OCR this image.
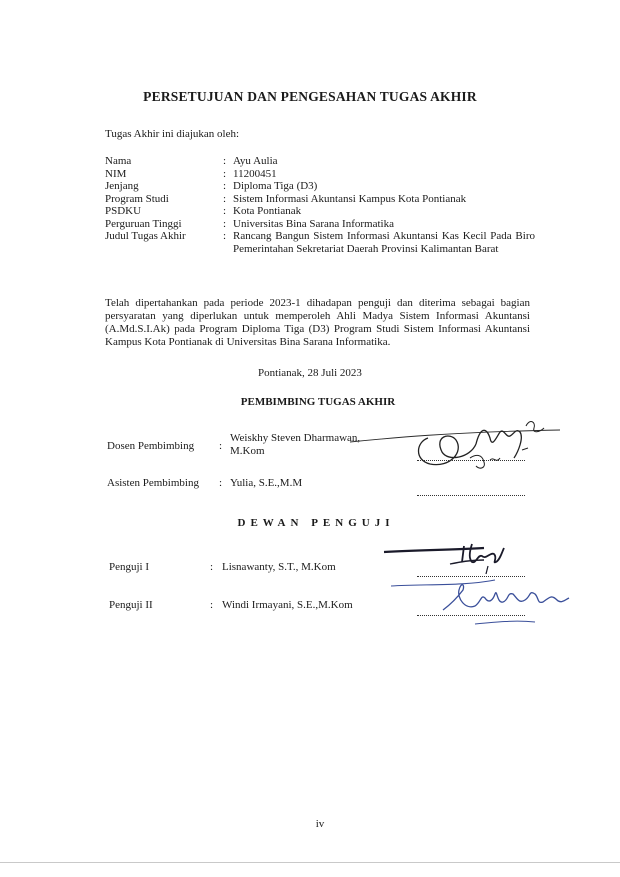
PERSETUJUAN DAN PENGESAHAN TUGAS AKHIR
Tugas Akhir ini diajukan oleh:
Nama	: Ayu Aulia
NIM	: 11200451
Jenjang	: Diploma Tiga (D3)
Program Studi	: Sistem Informasi Akuntansi Kampus Kota Pontianak
PSDKU	: Kota Pontianak
Perguruan Tinggi	: Universitas Bina Sarana Informatika
Judul Tugas Akhir	: Rancang Bangun Sistem Informasi Akuntansi Kas Kecil Pada Biro Pemerintahan Sekretariat Daerah Provinsi Kalimantan Barat
Telah dipertahankan pada periode 2023-1 dihadapan penguji dan diterima sebagai bagian persyaratan yang diperlukan untuk memperoleh Ahli Madya Sistem Informasi Akuntansi (A.Md.S.I.Ak) pada Program Diploma Tiga (D3) Program Studi Sistem Informasi Akuntansi Kampus Kota Pontianak di Universitas Bina Sarana Informatika.
Pontianak, 28 Juli 2023
PEMBIMBING TUGAS AKHIR
Dosen Pembimbing :
Weiskhy Steven Dharmawan,
M.Kom
Asisten Pembimbing : Yulia, S.E.,M.M
DEWAN PENGUJI
Penguji I	: Lisnawanty, S.T., M.Kom
Penguji II	: Windi Irmayani, S.E.,M.Kom
iv
